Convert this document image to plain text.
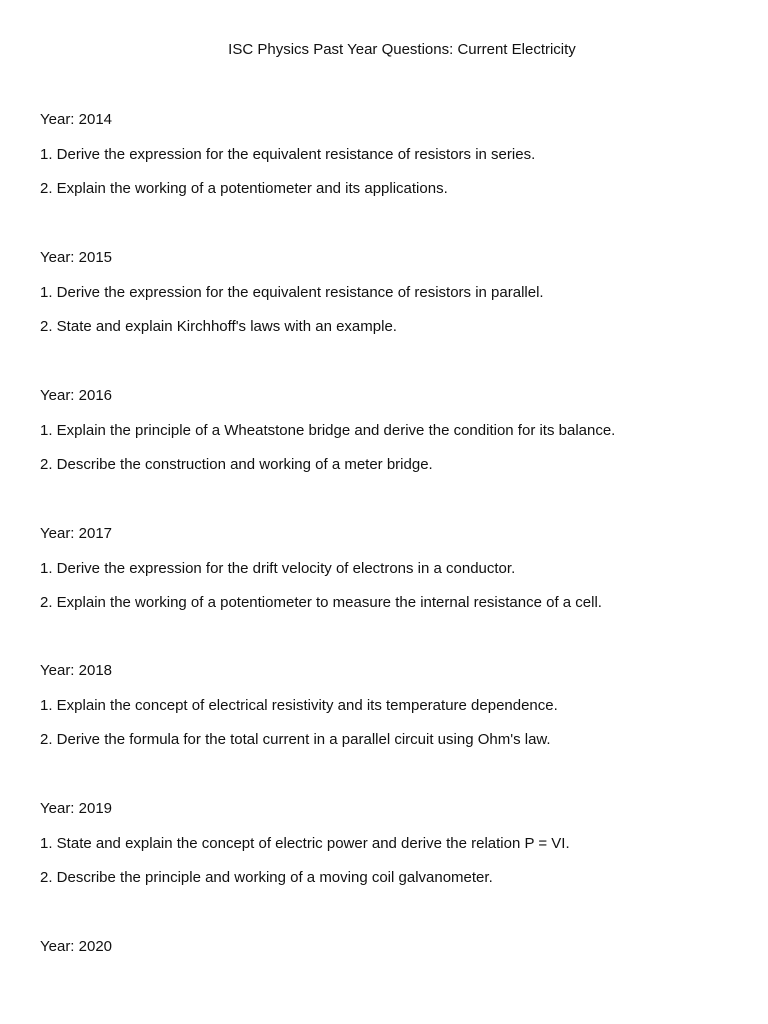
ISC Physics Past Year Questions: Current Electricity
Year: 2014
1. Derive the expression for the equivalent resistance of resistors in series.
2. Explain the working of a potentiometer and its applications.
Year: 2015
1. Derive the expression for the equivalent resistance of resistors in parallel.
2. State and explain Kirchhoff's laws with an example.
Year: 2016
1. Explain the principle of a Wheatstone bridge and derive the condition for its balance.
2. Describe the construction and working of a meter bridge.
Year: 2017
1. Derive the expression for the drift velocity of electrons in a conductor.
2. Explain the working of a potentiometer to measure the internal resistance of a cell.
Year: 2018
1. Explain the concept of electrical resistivity and its temperature dependence.
2. Derive the formula for the total current in a parallel circuit using Ohm's law.
Year: 2019
1. State and explain the concept of electric power and derive the relation P = VI.
2. Describe the principle and working of a moving coil galvanometer.
Year: 2020
